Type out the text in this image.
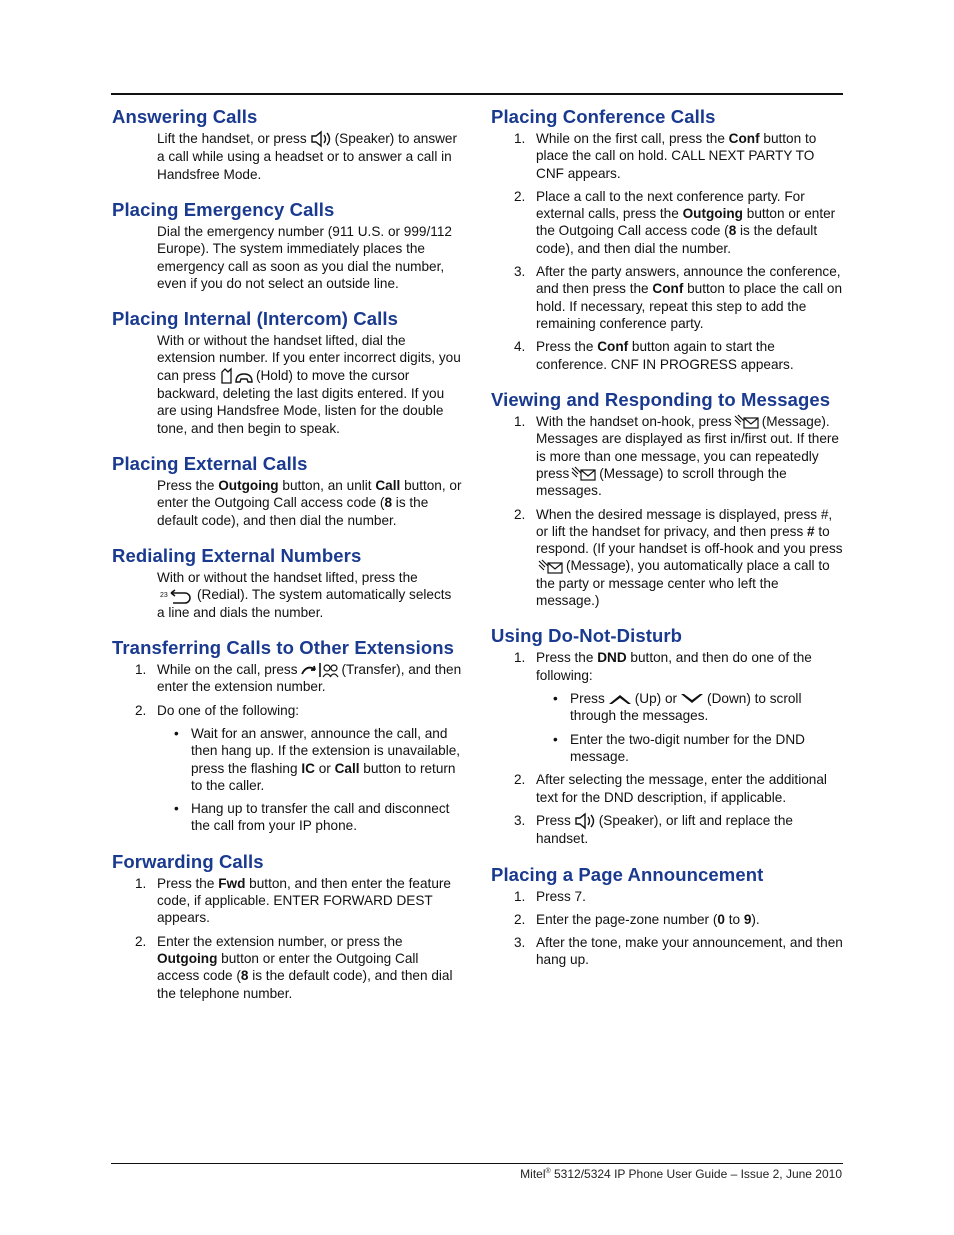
Answering Calls

Lift the handset, or press (Speaker) to answer a call while using a headset or to answer a call in Handsfree Mode.

Placing Emergency Calls

Dial the emergency number (911 U.S. or 999/112 Europe). The system immediately places the emergency call as soon as you dial the number, even if you do not select an outside line.

Placing Internal (Intercom) Calls

With or without the handset lifted, dial the extension number. If you enter incorrect digits, you can press	(Hold) to move the cursor backward, deleting the last digits entered. If you are using Handsfree Mode, listen for the double tone, and then begin to speak.

Placing External Calls

Press the Outgoing button, an unlit Call button, or enter the Outgoing Call access code (8 is the default code), and then dial the number.

Redialing External Numbers

With or without the handset lifted, press the

23 (Redial). The system automatically selects a line and dials the number.

Transferring Calls to Other Extensions
1. While on the call, press	(Transfer), and then enter the extension number.
2. Do one of the following:
• Wait for an answer, announce the call, and then hang up. If the extension is unavailable, press the flashing IC or Call button to return to the caller.
• Hang up to transfer the call and disconnect the call from your IP phone.
Forwarding Calls
1. Press the Fwd button, and then enter the feature code, if applicable. ENTER FORWARD DEST appears.
2. Enter the extension number, or press the Outgoing button or enter the Outgoing Call access code (8 is the default code), and then dial the telephone number.
Placing Conference Calls
1. While on the first call, press the Conf button to place the call on hold. CALL NEXT PARTY TO CNF appears.
2. Place a call to the next conference party. For external calls, press the Outgoing button or enter the Outgoing Call access code (8 is the default code), and then dial the number.
3. After the party answers, announce the conference, and then press the Conf button to place the call on hold. If necessary, repeat this step to add the remaining conference party.
4. Press the Conf button again to start the conference. CNF IN PROGRESS appears.
Viewing and Responding to Messages
1. With the handset on-hook, press (Message). Messages are displayed as first in/first out. If there is more than one message, you can repeatedly press (Message) to scroll through the messages.
2. When the desired message is displayed, press #, or lift the handset for privacy, and then press # to respond. (If your handset is off-hook and you press
(Message), you automatically place a call to the party or message center who left the message.)
Using Do-Not-Disturb
1. Press the DND button, and then do one of the following:
• Press (Up) or (Down) to scroll through the messages.
• Enter the two-digit number for the DND message.
2. After selecting the message, enter the additional text for the DND description, if applicable.
3. Press (Speaker), or lift and replace the handset.
Placing a Page Announcement
1. Press 7.
2. Enter the page-zone number (0 to 9).
3. After the tone, make your announcement, and then hang up.
Mitel® 5312/5324 IP Phone User Guide – Issue 2, June 2010
